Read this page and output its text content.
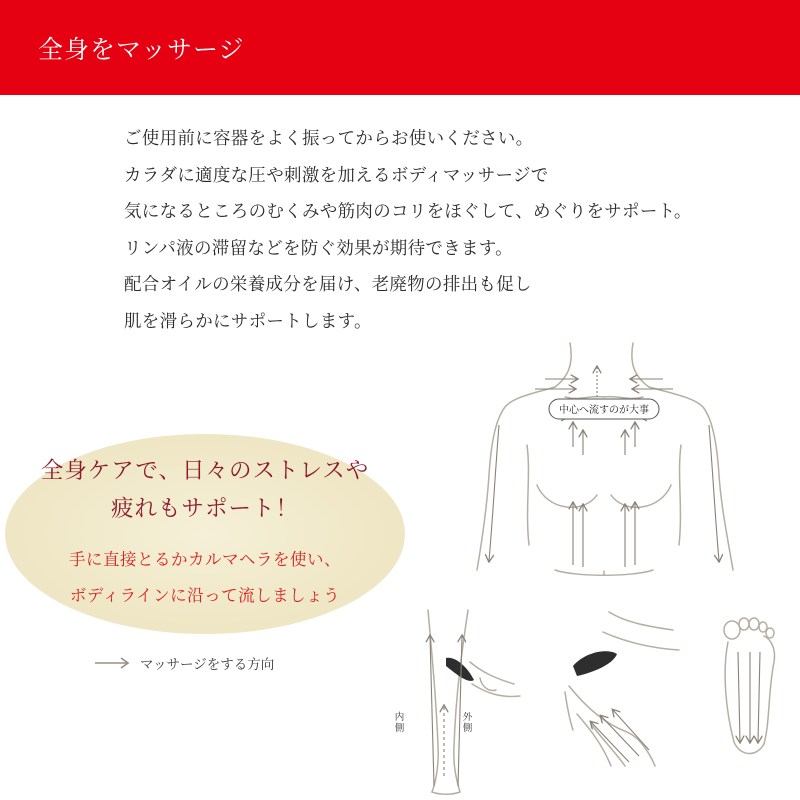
全身をマッサージ
ご使用前に容器をよく振ってからお使いください。
カラダに適度な圧や刺激を加えるボディマッサージで
気になるところのむくみや筋肉のコリをほぐして、めぐりをサポート。
リンパ液の滞留などを防ぐ効果が期待できます。
配合オイルの栄養成分を届け、老廃物の排出も促し
肌を滑らかにサポートします。
全身ケアで、日々のストレスや
疲れもサポート！
手に直接とるかカルマヘラを使い、
ボディラインに沿って流しましょう
マッサージをする方向
中心へ流すのが大事
内側
外側
